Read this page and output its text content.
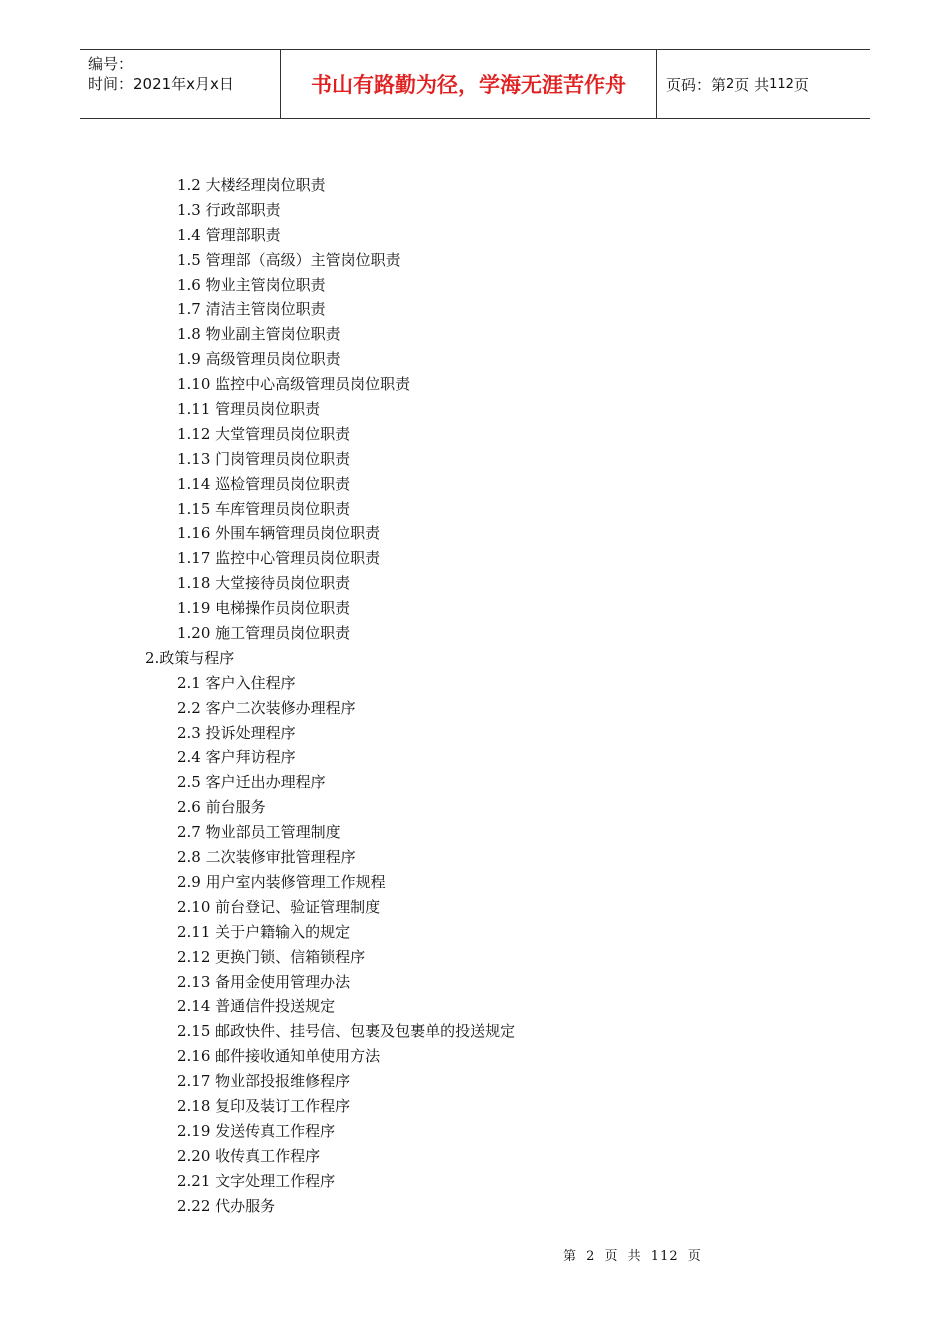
编号：
时间：2021年x月x日	书山有路勤为径，学海无涯苦作舟	页码：第 2 页 共 112 页
1.2 大楼经理岗位职责
1.3 行政部职责
1.4 管理部职责
1.5 管理部（高级）主管岗位职责
1.6 物业主管岗位职责
1.7 清洁主管岗位职责
1.8 物业副主管岗位职责
1.9 高级管理员岗位职责
1.10 监控中心高级管理员岗位职责
1.11 管理员岗位职责
1.12 大堂管理员岗位职责
1.13 门岗管理员岗位职责
1.14 巡检管理员岗位职责
1.15 车库管理员岗位职责
1.16 外围车辆管理员岗位职责
1.17 监控中心管理员岗位职责
1.18 大堂接待员岗位职责
1.19 电梯操作员岗位职责
1.20 施工管理员岗位职责
2.政策与程序
2.1 客户入住程序
2.2 客户二次装修办理程序
2.3 投诉处理程序
2.4 客户拜访程序
2.5 客户迁出办理程序
2.6 前台服务
2.7 物业部员工管理制度
2.8 二次装修审批管理程序
2.9 用户室内装修管理工作规程
2.10 前台登记、验证管理制度
2.11 关于户籍输入的规定
2.12 更换门锁、信箱锁程序
2.13 备用金使用管理办法
2.14 普通信件投送规定
2.15 邮政快件、挂号信、包裹及包裹单的投送规定
2.16 邮件接收通知单使用方法
2.17 物业部投报维修程序
2.18 复印及装订工作程序
2.19 发送传真工作程序
2.20 收传真工作程序
2.21 文字处理工作程序
2.22 代办服务
第 2 页 共 112 页
